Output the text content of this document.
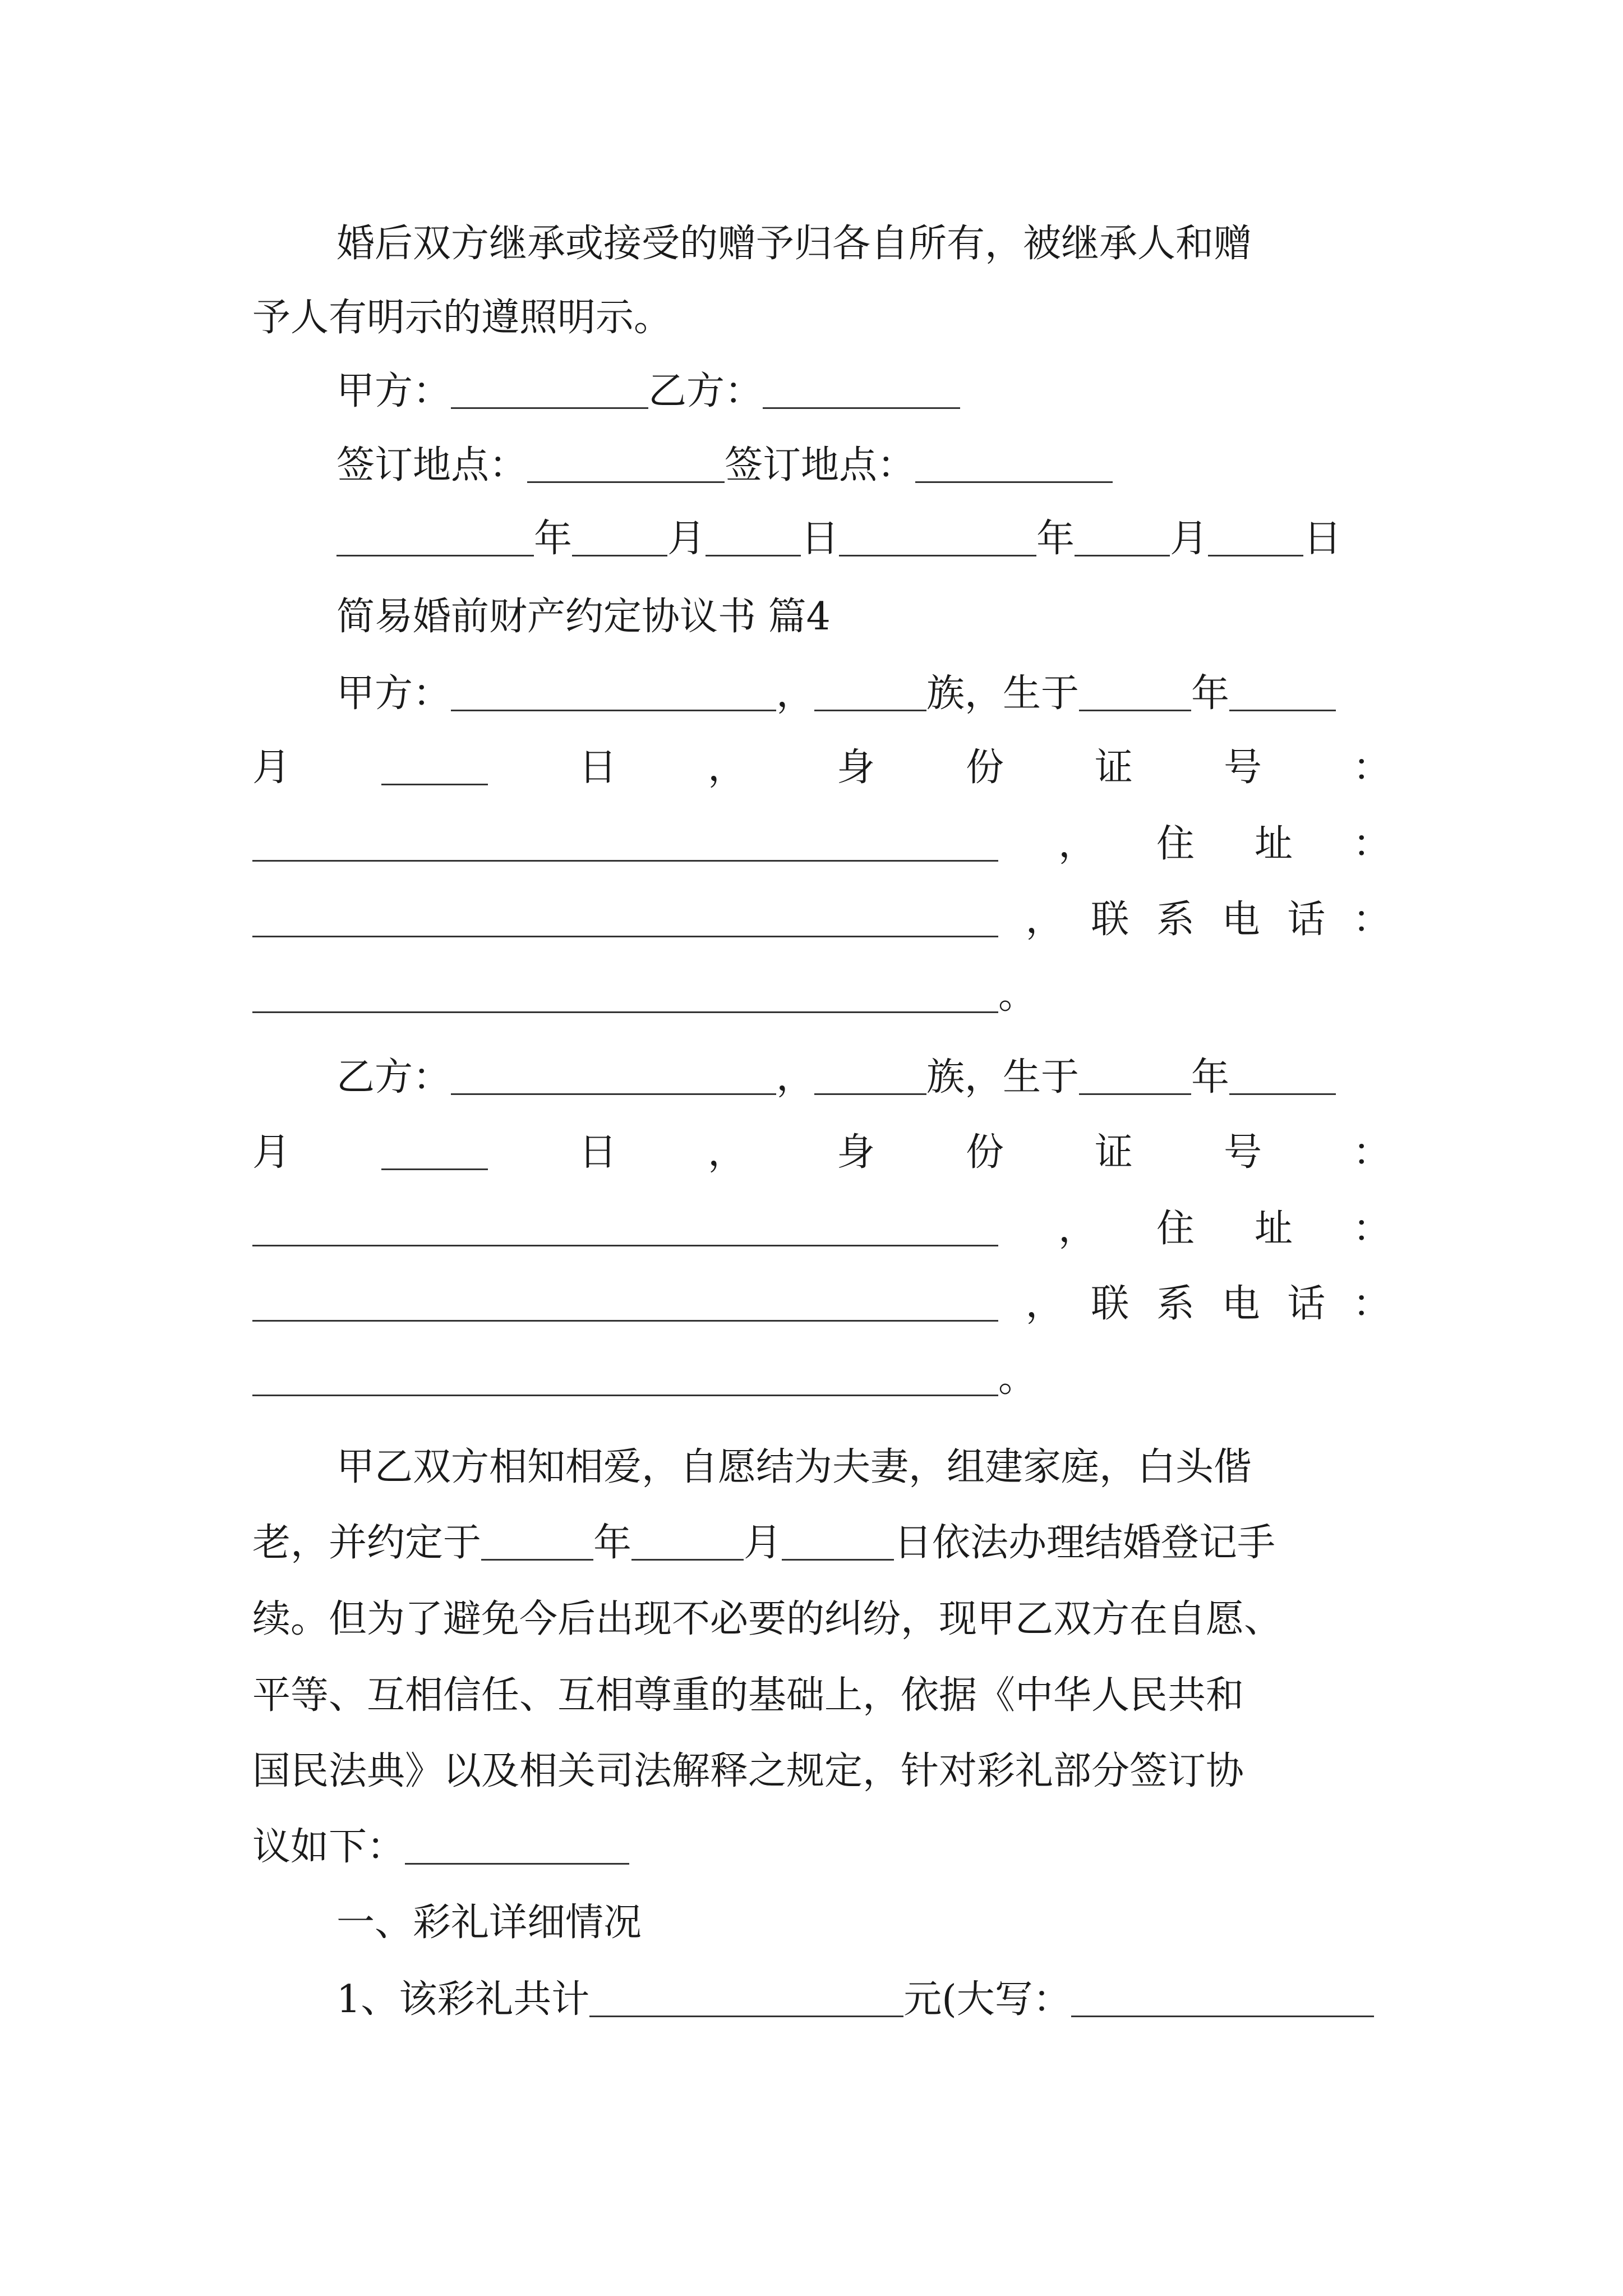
婚后双方继承或接受的赠予归各自所有，被继承人和赠
予人有明示的遵照明示。
甲方：	乙方：
签订地点：	签订地点：
年	月	日	年	月	日
简易婚前财产约定协议书 篇4
甲方：	，	族，生于	年
月	日 ， 身 份 证 号 ：
， 住 址 ：
， 联 系 电 话 ：
。
乙方：	，	族，生于	年
月	日 ， 身 份 证 号 ：
， 住 址 ：
， 联 系 电 话 ：
。
甲乙双方相知相爱，自愿结为夫妻，组建家庭，白头偕
老，并约定于	年	月	日依法办理结婚登记手
续。但为了避免今后出现不必要的纠纷，现甲乙双方在自愿、
平等、互相信任、互相尊重的基础上，依据《中华人民共和
国民法典》以及相关司法解释之规定，针对彩礼部分签订协
议如下：
一、彩礼详细情况
1、该彩礼共计	元(大写：
